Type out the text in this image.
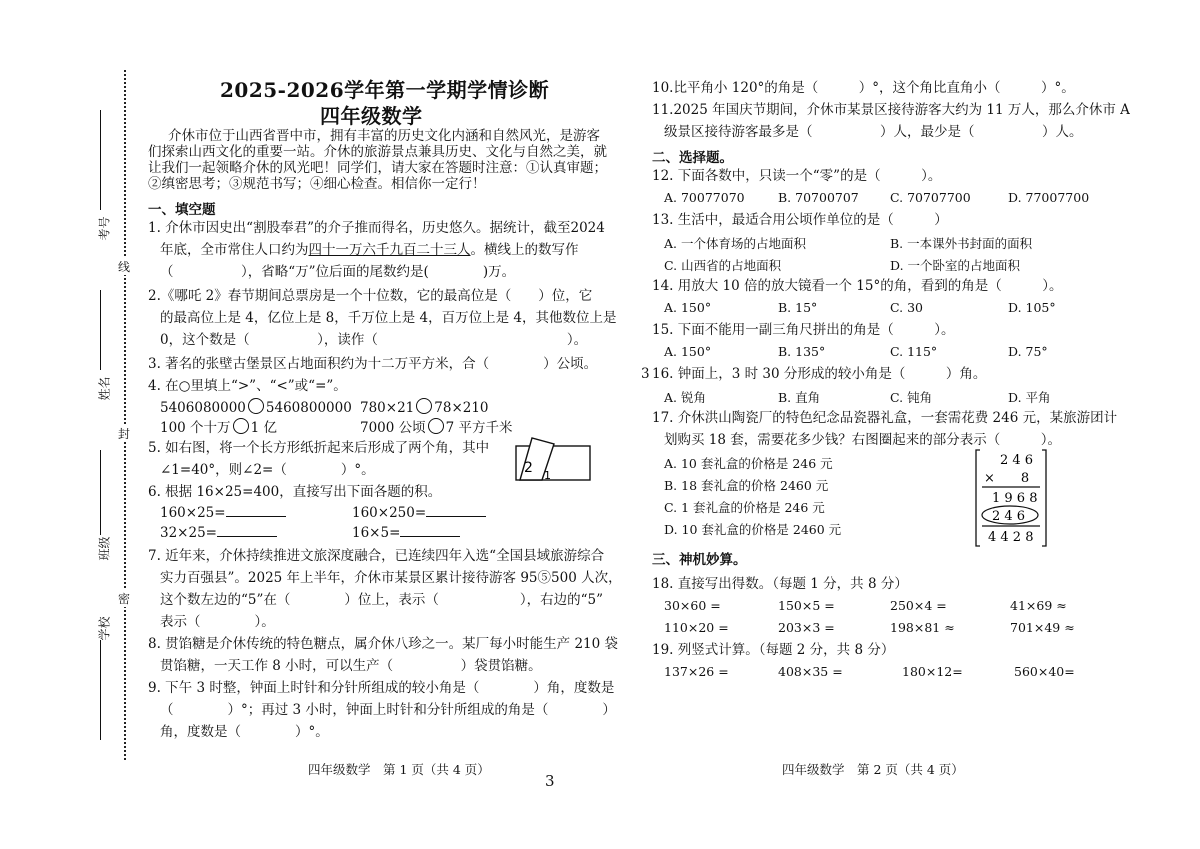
考号
姓名
班级
学校
线
封
密
2025-2026学年第一学期学情诊断
四年级数学
介休市位于山西省晋中市，拥有丰富的历史文化内涵和自然风光，是游客
们探索山西文化的重要一站。介休的旅游景点兼具历史、文化与自然之美，就
让我们一起领略介休的风光吧！同学们，请大家在答题时注意：①认真审题；
②缜密思考；③规范书写；④细心检查。相信你一定行！
一、填空题
1. 介休市因史出“割股奉君”的介子推而得名，历史悠久。据统计，截至2024
年底，全市常住人口约为四十一万六千九百二十三人。横线上的数写作
（　　　　　），省略“万”位后面的尾数约是(　　　　)万。
2.《哪吒 2》春节期间总票房是一个十位数，它的最高位是（　　）位，它
的最高位上是 4，亿位上是 8，千万位上是 4，百万位上是 4，其他数位上是
0，这个数是（　　　　　），读作（　　　　　　　　　　　　　　）。
3. 著名的张壁古堡景区占地面积约为十二万平方米，合（　　　　）公顷。
4. 在○里填上“>”、“<”或“=”。
5406080000 5460800000 780×21 78×210
100 个十万 1 亿	7000 公顷 7 平方千米
5. 如右图，将一个长方形纸折起来后形成了两个角，其中
∠1=40°，则∠2=（　　　　）°。	2 1
6. 根据 16×25=400，直接写出下面各题的积。
160×25=	160×250=
32×25=	16×5=
7. 近年来，介休持续推进文旅深度融合，已连续四年入选“全国县域旅游综合
实力百强县”。2025 年上半年，介休市某景区累计接待游客 95⑤500 人次，
这个数左边的“5”在（　　　　）位上，表示（　　　　　　），右边的“5”
表示（　　　　）。
8. 贯馅糖是介休传统的特色糖点，属介休八珍之一。某厂每小时能生产 210 袋
贯馅糖，一天工作 8 小时，可以生产（　　　　　）袋贯馅糖。
9. 下午 3 时整，钟面上时针和分针所组成的较小角是（　　　　）角，度数是
（　　　　）°；再过 3 小时，钟面上时针和分针所组成的角是（　　　　）
角，度数是（　　　　）°。
四年级数学　第 1 页（共 4 页）
3
10.比平角小 120°的角是（　　　）°，这个角比直角小（　　　）°。
11.2025 年国庆节期间，介休市某景区接待游客大约为 11 万人，那么介休市 A
级景区接待游客最多是（　　　　　）人，最少是（　　　　　）人。
二、选择题。
12. 下面各数中，只读一个“零”的是（　　　）。
A. 70077070	B. 70700707 C. 70707700	D. 77007700
13. 生活中，最适合用公顷作单位的是（　　　）
A. 一个体育场的占地面积	B. 一本课外书封面的面积
C. 山西省的占地面积	D. 一个卧室的占地面积
14. 用放大 10 倍的放大镜看一个 15°的角，看到的角是（　　　）。
A. 150°	B. 15°	C. 30	D. 105°
15. 下面不能用一副三角尺拼出的角是（　　　）。
A. 150°	B. 135°	C. 115°	D. 75°
3 16. 钟面上，3 时 30 分形成的较小角是（　　　）角。
A. 锐角	B. 直角	C. 钝角	D. 平角
17. 介休洪山陶瓷厂的特色纪念品瓷器礼盒，一套需花费 246 元，某旅游团计
划购买 18 套，需要花多少钱？右图圈起来的部分表示（　　　）。
A. 10 套礼盒的价格是 246 元
B. 18 套礼盒的价格 2460 元
C. 1 套礼盒的价格是 246 元
D. 10 套礼盒的价格是 2460 元
2 4 6
×　　8
1 9 6 8
2 4 6
4 4 2 8
三、神机妙算。
18. 直接写出得数。（每题 1 分，共 8 分）
30×60 =	150×5 =	250×4 =	41×69 ≈
110×20 =	203×3 =	198×81 ≈	701×49 ≈
19. 列竖式计算。（每题 2 分，共 8 分）
137×26 =	408×35 =	180×12=	560×40=
四年级数学　第 2 页（共 4 页）
